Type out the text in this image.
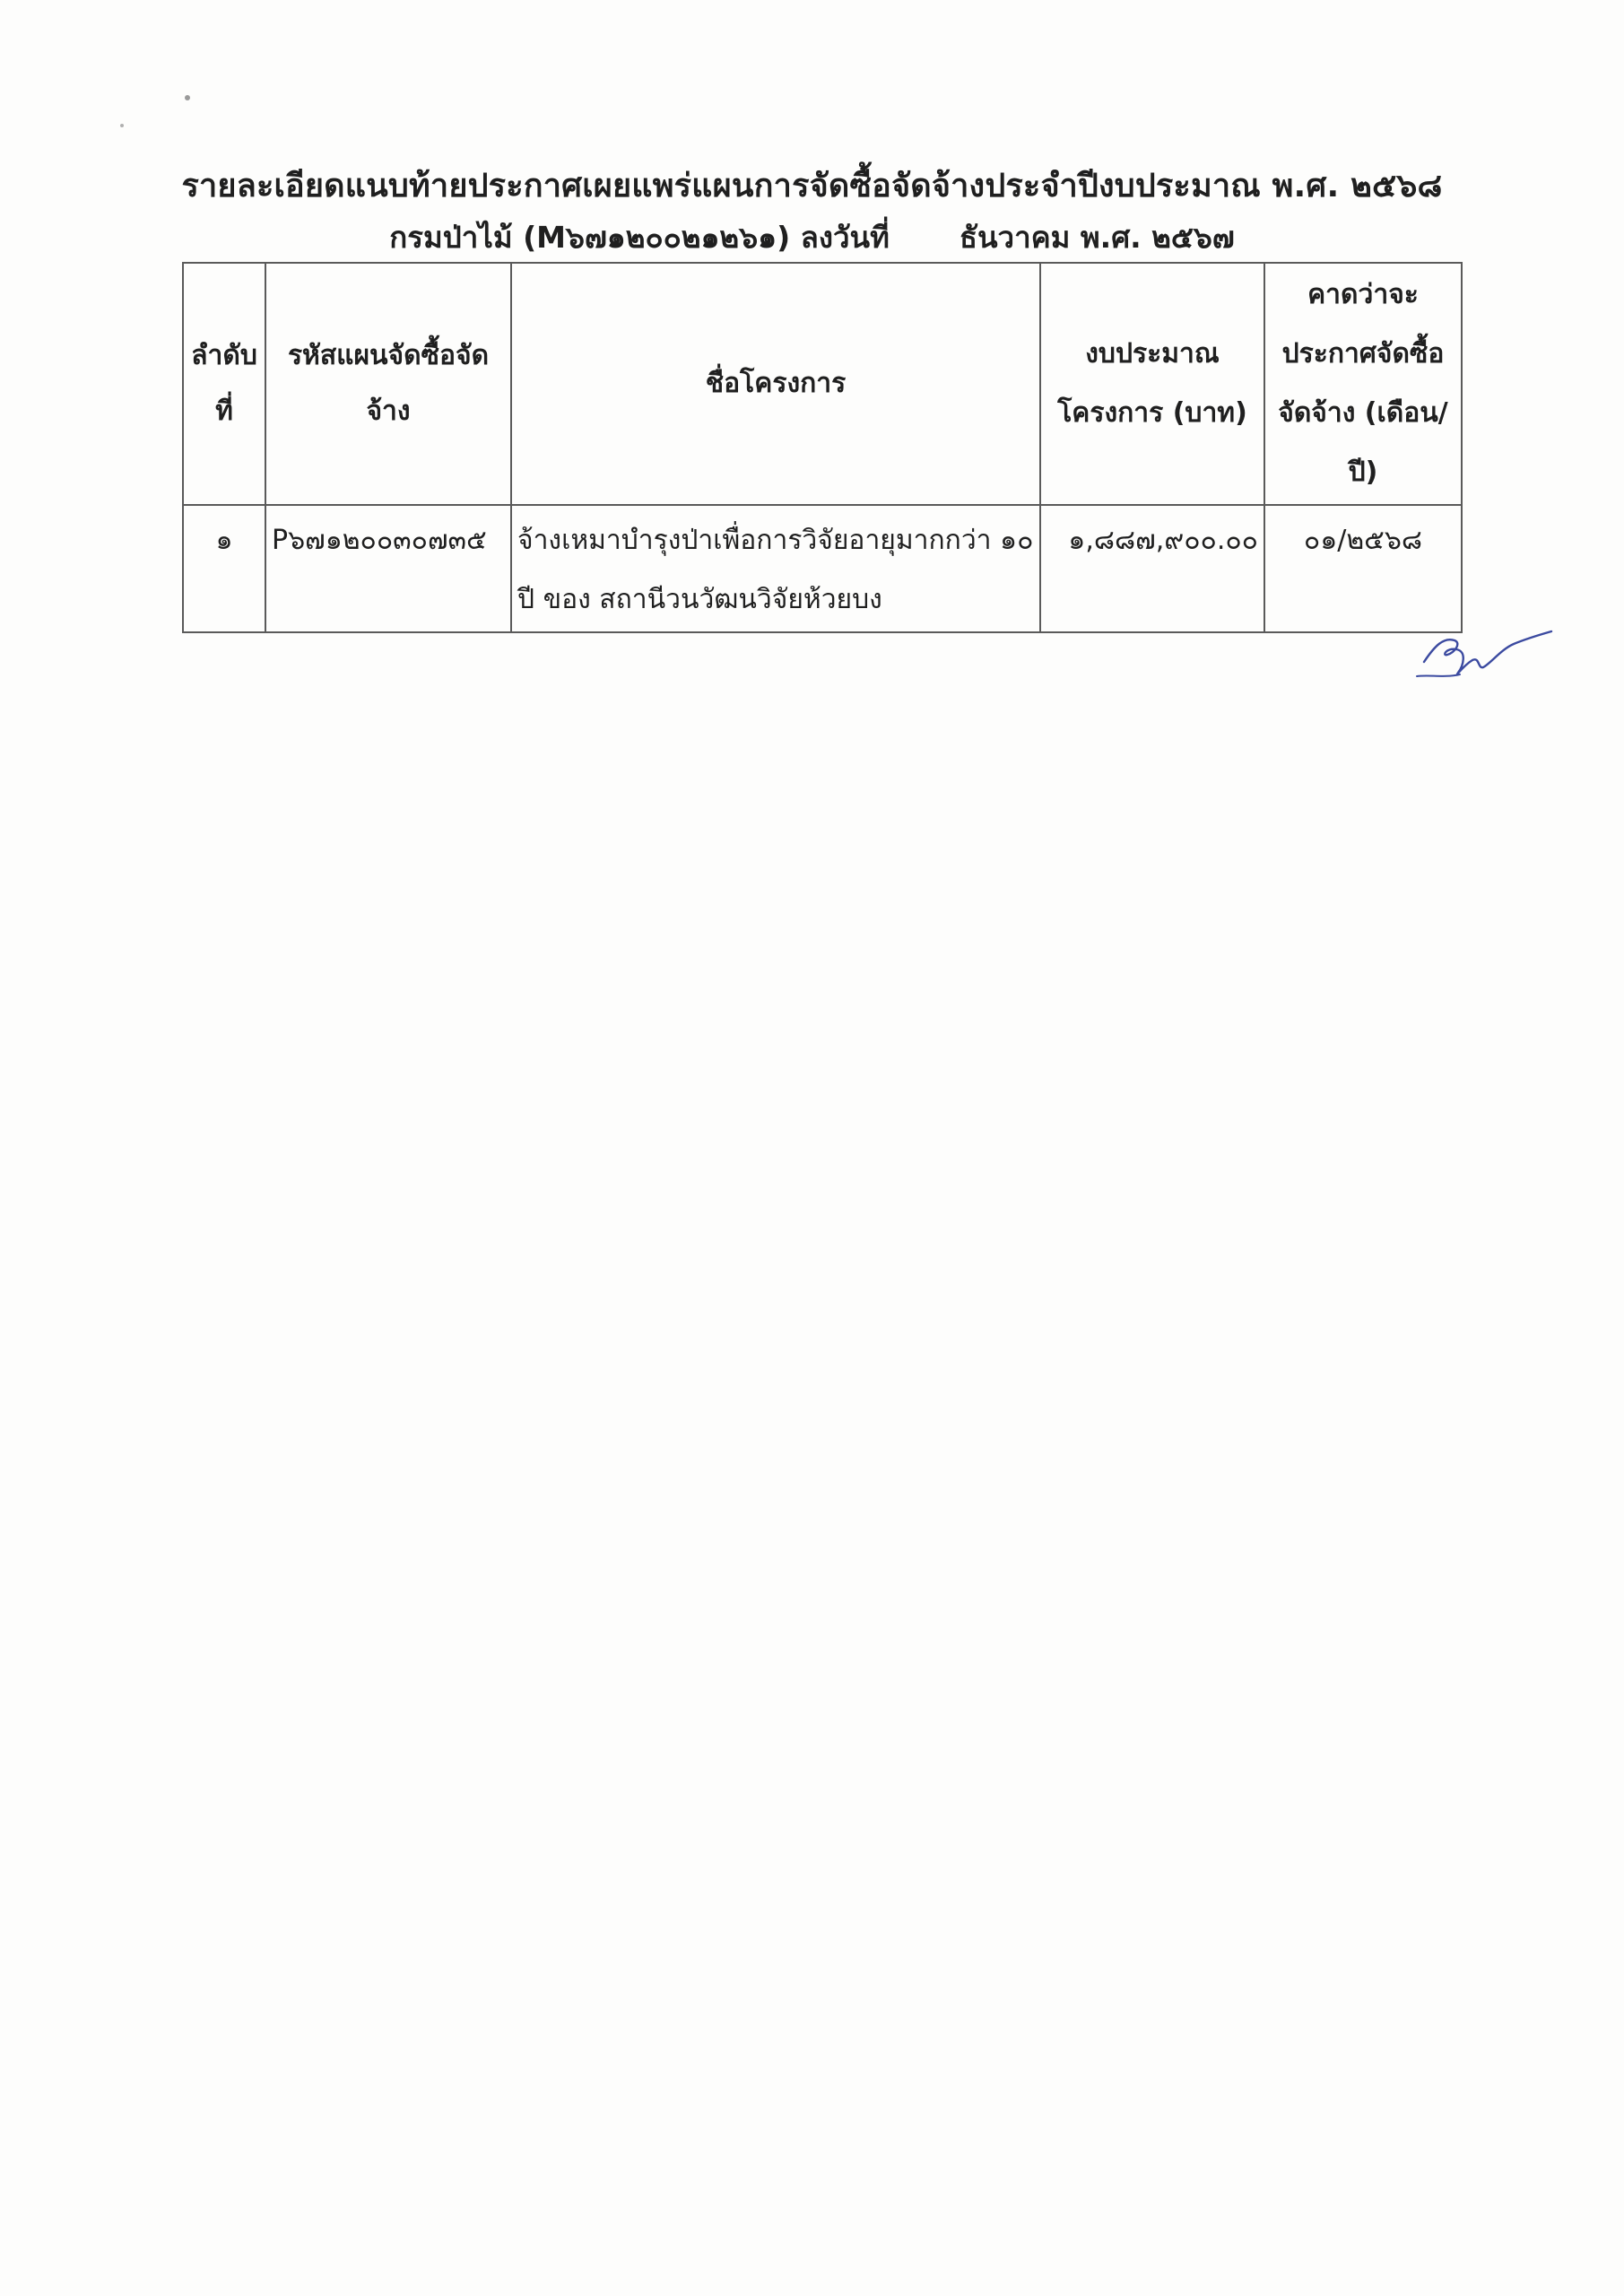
รายละเอียดแนบท้ายประกาศเผยแพร่แผนการจัดซื้อจัดจ้างประจำปีงบประมาณ พ.ศ. ๒๕๖๘
กรมป่าไม้ (M๖๗๑๒๐๐๒๑๒๖๑) ลงวันที่ ธันวาคม พ.ศ. ๒๕๖๗
ลำดับ ที่	รหัสแผนจัดซื้อจัด จ้าง	ชื่อโครงการ	งบประมาณ โครงการ (บาท)	คาดว่าจะ ประกาศจัดซื้อ จัดจ้าง (เดือน/ปี)
๑	P๖๗๑๒๐๐๓๐๗๓๕	จ้างเหมาบำรุงป่าเพื่อการวิจัยอายุมากกว่า ๑๐ ปี ของ สถานีวนวัฒนวิจัยห้วยบง	๑,๘๘๗,๙๐๐.๐๐	๐๑/๒๕๖๘
